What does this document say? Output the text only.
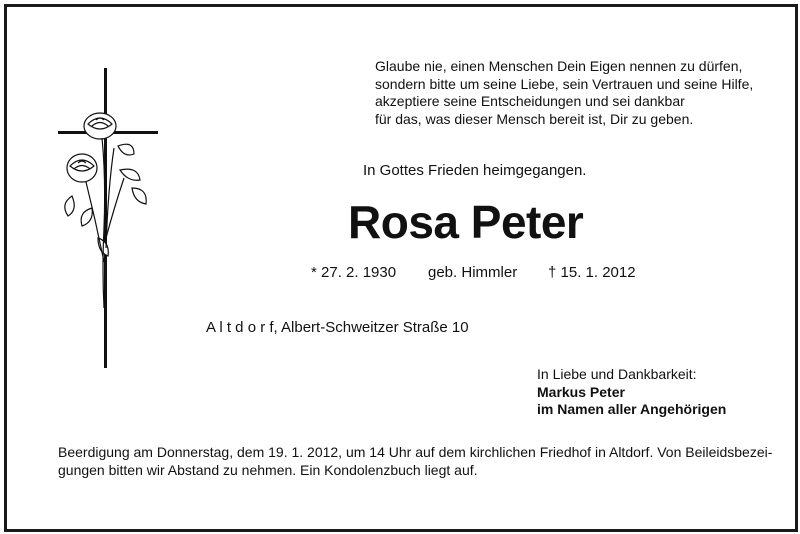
Glaube nie, einen Menschen Dein Eigen nennen zu dürfen,
sondern bitte um seine Liebe, sein Vertrauen und seine Hilfe,
akzeptiere seine Entscheidungen und sei dankbar
für das, was dieser Mensch bereit ist, Dir zu geben.
In Gottes Frieden heimgegangen.
Rosa Peter
* 27. 2. 1930 geb. Himmler † 15. 1. 2012
A l t d o r f, Albert-Schweitzer Straße 10
In Liebe und Dankbarkeit:
Markus Peter
im Namen aller Angehörigen
Beerdigung am Donnerstag, dem 19. 1. 2012, um 14 Uhr auf dem kirchlichen Friedhof in Altdorf. Von Beileidsbezei-
gungen bitten wir Abstand zu nehmen. Ein Kondolenzbuch liegt auf.
